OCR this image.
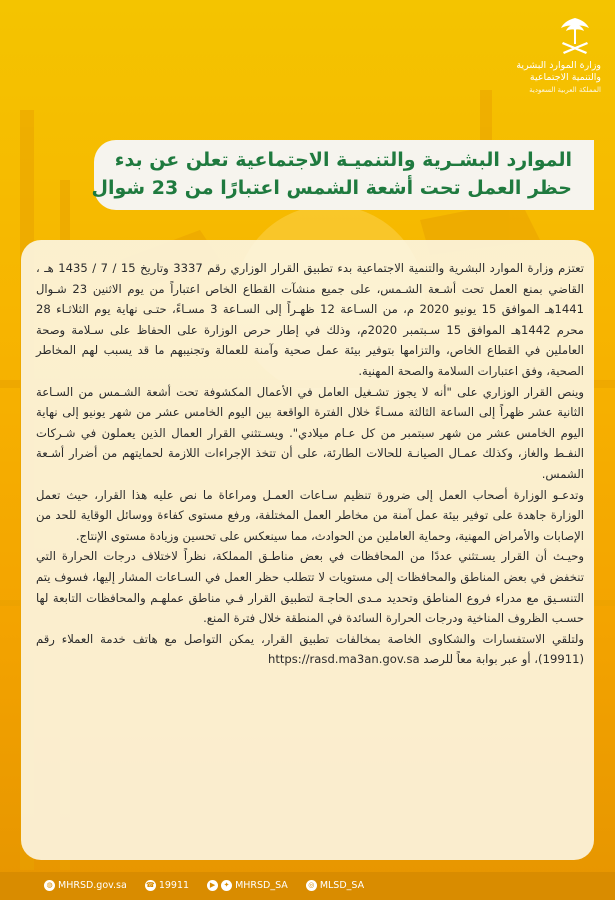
وزارة الموارد البشرية
والتنمية الاجتماعية
المملكة العربية السعودية
الموارد البشـرية والتنميـة الاجتماعية تعلن عن بدء
حظر العمل تحت أشعة الشمس اعتبارًا من 23 شوال

تعتزم وزارة الموارد البشرية والتنمية الاجتماعية بدء تطبيق القرار الوزاري رقم 3337 وتاريخ 15 / 7 / 1435 هـ ، القاضي بمنع العمل تحت أشـعة الشـمس، على جميع منشآت القطاع الخاص اعتباراً من يوم الاثنين 23 شـوال 1441هـ الموافق 15 يونيو 2020 م، من السـاعة 12 ظهـراً إلى السـاعة 3 مسـاءً، حتـى نهاية يوم الثلاثـاء 28 محرم 1442هـ الموافق 15 سـبتمبر 2020م، وذلك في إطار حرص الوزارة على الحفاظ على سـلامة وصحة العاملين في القطاع الخاص، والتزامها بتوفير بيئة عمل صحية وآمنة للعمالة وتجنيبهم ما قد يسبب لهم المخاطر الصحية، وفق اعتبارات السلامة والصحة المهنية.

وينص القرار الوزاري على "أنه لا يجوز تشـغيل العامل في الأعمال المكشوفة تحت أشعة الشـمس من السـاعة الثانية عشر ظهراً إلى الساعة الثالثة مسـاءً خلال الفترة الواقعة بين اليوم الخامس عشر من شهر يونيو إلى نهاية اليوم الخامس عشر من شهر سبتمبر من كل عـام ميلادي". ويسـتثني القرار العمال الذين يعملون في شـركات النفـط والغاز، وكذلك عمـال الصيانـة للحالات الطارئة، على أن تتخذ الإجراءات اللازمة لحمايتهم من أضرار أشـعة الشمس.

وتدعـو الوزارة أصحاب العمل إلى ضرورة تنظيم سـاعات العمـل ومراعاة ما نص عليه هذا القرار، حيث تعمل الوزارة جاهدة على توفير بيئة عمل آمنة من مخاطر العمل المختلفة، ورفع مستوى كفاءة ووسائل الوقاية للحد من الإصابات والأمراض المهنية، وحماية العاملين من الحوادث، مما سينعكس على تحسين وزيادة مستوى الإنتاج.

وحيـث أن القرار يسـتثني عددًا من المحافظات في بعض مناطـق المملكة، نظراً لاختلاف درجات الحرارة التي تنخفض في بعض المناطق والمحافظات إلى مستويات لا تتطلب حظر العمل في السـاعات المشار إليها، فسوف يتم التنسـيق مع مدراء فروع المناطق وتحديد مـدى الحاجـة لتطبيق القرار فـي مناطق عملهـم والمحافظات التابعة لها حسـب الظروف المناخية ودرجات الحرارة السائدة في المنطقة خلال فترة المنع.

ولتلقي الاستفسارات والشكاوى الخاصة بمخالفات تطبيق القرار، يمكن التواصل مع هاتف خدمة العملاء رقم (19911)، أو عبر بوابة معاً للرصد https://rasd.ma3an.gov.sa

◍ MHRSD.gov.sa	☎ 19911	▶	✦ MHRSD_SA	◎ MLSD_SA
